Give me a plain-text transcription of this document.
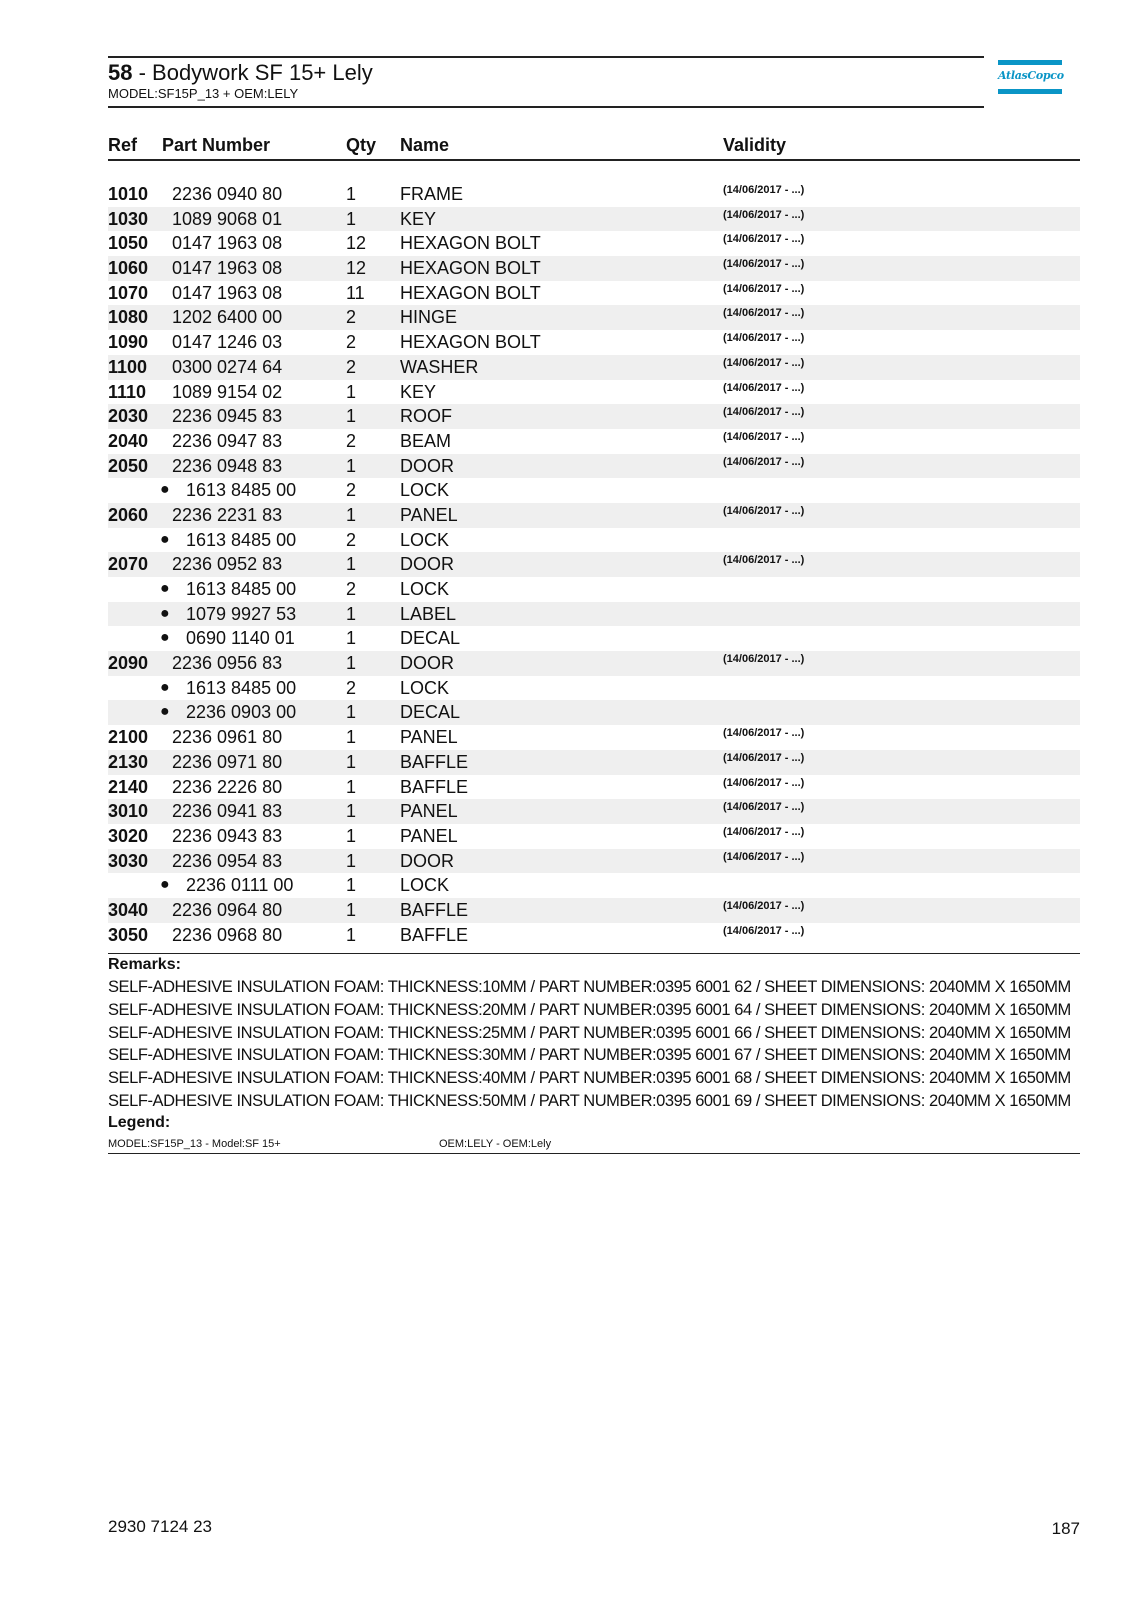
58 - Bodywork SF 15+ Lely
MODEL:SF15P_13 + OEM:LELY
AtlasCopco
Ref Part Number	Qty Name	Validity
1010 2236 0940 80	1 FRAME	(14/06/2017 - ...)
1030 1089 9068 01	1 KEY	(14/06/2017 - ...)
1050 0147 1963 08	12 HEXAGON BOLT	(14/06/2017 - ...)
1060 0147 1963 08	12 HEXAGON BOLT	(14/06/2017 - ...)
1070 0147 1963 08	11 HEXAGON BOLT	(14/06/2017 - ...)
1080 1202 6400 00	2 HINGE	(14/06/2017 - ...)
1090 0147 1246 03	2 HEXAGON BOLT	(14/06/2017 - ...)
1100 0300 0274 64	2 WASHER	(14/06/2017 - ...)
1110 1089 9154 02	1 KEY	(14/06/2017 - ...)
2030 2236 0945 83	1 ROOF	(14/06/2017 - ...)
2040 2236 0947 83	2 BEAM	(14/06/2017 - ...)
2050 2236 0948 83	1 DOOR	(14/06/2017 - ...)
● 1613 8485 00	2 LOCK
2060 2236 2231 83	1 PANEL	(14/06/2017 - ...)
● 1613 8485 00	2 LOCK
2070 2236 0952 83	1 DOOR	(14/06/2017 - ...)
● 1613 8485 00	2 LOCK
● 1079 9927 53	1 LABEL
● 0690 1140 01	1 DECAL
2090 2236 0956 83	1 DOOR	(14/06/2017 - ...)
● 1613 8485 00	2 LOCK
● 2236 0903 00	1 DECAL
2100 2236 0961 80	1 PANEL	(14/06/2017 - ...)
2130 2236 0971 80	1 BAFFLE	(14/06/2017 - ...)
2140 2236 2226 80	1 BAFFLE	(14/06/2017 - ...)
3010 2236 0941 83	1 PANEL	(14/06/2017 - ...)
3020 2236 0943 83	1 PANEL	(14/06/2017 - ...)
3030 2236 0954 83	1 DOOR	(14/06/2017 - ...)
● 2236 0111 00	1 LOCK
3040 2236 0964 80	1 BAFFLE	(14/06/2017 - ...)
3050 2236 0968 80	1 BAFFLE	(14/06/2017 - ...)
Remarks:
SELF-ADHESIVE INSULATION FOAM: THICKNESS:10MM / PART NUMBER:0395 6001 62 / SHEET DIMENSIONS: 2040MM X 1650MM
SELF-ADHESIVE INSULATION FOAM: THICKNESS:20MM / PART NUMBER:0395 6001 64 / SHEET DIMENSIONS: 2040MM X 1650MM
SELF-ADHESIVE INSULATION FOAM: THICKNESS:25MM / PART NUMBER:0395 6001 66 / SHEET DIMENSIONS: 2040MM X 1650MM
SELF-ADHESIVE INSULATION FOAM: THICKNESS:30MM / PART NUMBER:0395 6001 67 / SHEET DIMENSIONS: 2040MM X 1650MM
SELF-ADHESIVE INSULATION FOAM: THICKNESS:40MM / PART NUMBER:0395 6001 68 / SHEET DIMENSIONS: 2040MM X 1650MM
SELF-ADHESIVE INSULATION FOAM: THICKNESS:50MM / PART NUMBER:0395 6001 69 / SHEET DIMENSIONS: 2040MM X 1650MM
Legend:
MODEL:SF15P_13 - Model:SF 15+	OEM:LELY - OEM:Lely
2930 7124 23	187
